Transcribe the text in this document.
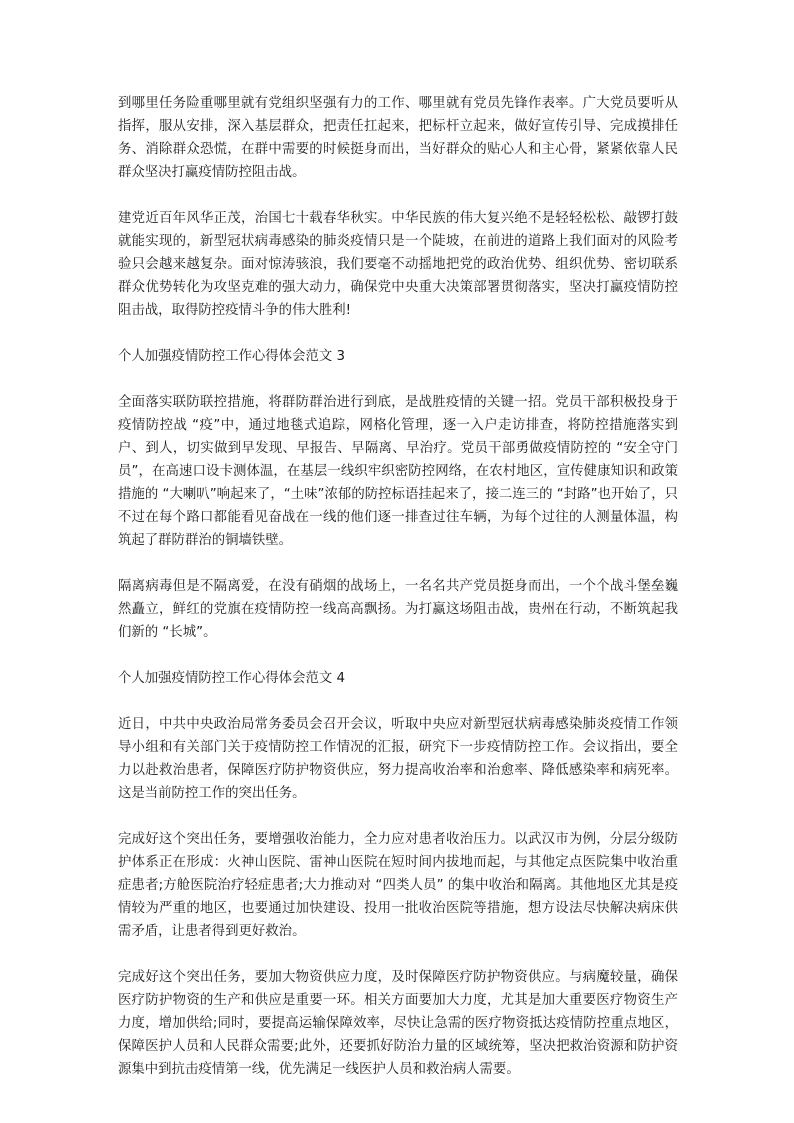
到哪里任务险重哪里就有党组织坚强有力的工作、哪里就有党员先锋作表率。广大党员要听从指挥，服从安排，深入基层群众，把责任扛起来，把标杆立起来，做好宣传引导、完成摸排任务、消除群众恐慌，在群中需要的时候挺身而出，当好群众的贴心人和主心骨，紧紧依靠人民群众坚决打赢疫情防控阻击战。

建党近百年风华正茂，治国七十载春华秋实。中华民族的伟大复兴绝不是轻轻松松、敲锣打鼓就能实现的，新型冠状病毒感染的肺炎疫情只是一个陡坡，在前进的道路上我们面对的风险考验只会越来越复杂。面对惊涛骇浪，我们要毫不动摇地把党的政治优势、组织优势、密切联系群众优势转化为攻坚克难的强大动力，确保党中央重大决策部署贯彻落实，坚决打赢疫情防控阻击战，取得防控疫情斗争的伟大胜利!

个人加强疫情防控工作心得体会范文 3

全面落实联防联控措施，将群防群治进行到底，是战胜疫情的关键一招。党员干部积极投身于疫情防控战 “疫”中，通过地毯式追踪，网格化管理，逐一入户走访排查，将防控措施落实到户、到人，切实做到早发现、早报告、早隔离、早治疗。党员干部勇做疫情防控的 “安全守门员”，在高速口设卡测体温，在基层一线织牢织密防控网络，在农村地区，宣传健康知识和政策措施的 “大喇叭”响起来了，“土味”浓郁的防控标语挂起来了，接二连三的 “封路”也开始了，只不过在每个路口都能看见奋战在一线的他们逐一排查过往车辆，为每个过往的人测量体温，构筑起了群防群治的铜墙铁壁。

隔离病毒但是不隔离爱，在没有硝烟的战场上，一名名共产党员挺身而出，一个个战斗堡垒巍然矗立，鲜红的党旗在疫情防控一线高高飘扬。为打赢这场阻击战，贵州在行动，不断筑起我们新的 “长城”。

个人加强疫情防控工作心得体会范文 4

近日，中共中央政治局常务委员会召开会议，听取中央应对新型冠状病毒感染肺炎疫情工作领导小组和有关部门关于疫情防控工作情况的汇报，研究下一步疫情防控工作。会议指出，要全力以赴救治患者，保障医疗防护物资供应，努力提高收治率和治愈率、降低感染率和病死率。这是当前防控工作的突出任务。

完成好这个突出任务，要增强收治能力，全力应对患者收治压力。以武汉市为例，分层分级防护体系正在形成：火神山医院、雷神山医院在短时间内拔地而起，与其他定点医院集中收治重症患者;方舱医院治疗轻症患者;大力推动对 “四类人员” 的集中收治和隔离。其他地区尤其是疫情较为严重的地区，也要通过加快建设、投用一批收治医院等措施，想方设法尽快解决病床供需矛盾，让患者得到更好救治。

完成好这个突出任务，要加大物资供应力度，及时保障医疗防护物资供应。与病魔较量，确保医疗防护物资的生产和供应是重要一环。相关方面要加大力度，尤其是加大重要医疗物资生产力度，增加供给;同时，要提高运输保障效率，尽快让急需的医疗物资抵达疫情防控重点地区，保障医护人员和人民群众需要;此外，还要抓好防治力量的区域统筹，坚决把救治资源和防护资源集中到抗击疫情第一线，优先满足一线医护人员和救治病人需要。
